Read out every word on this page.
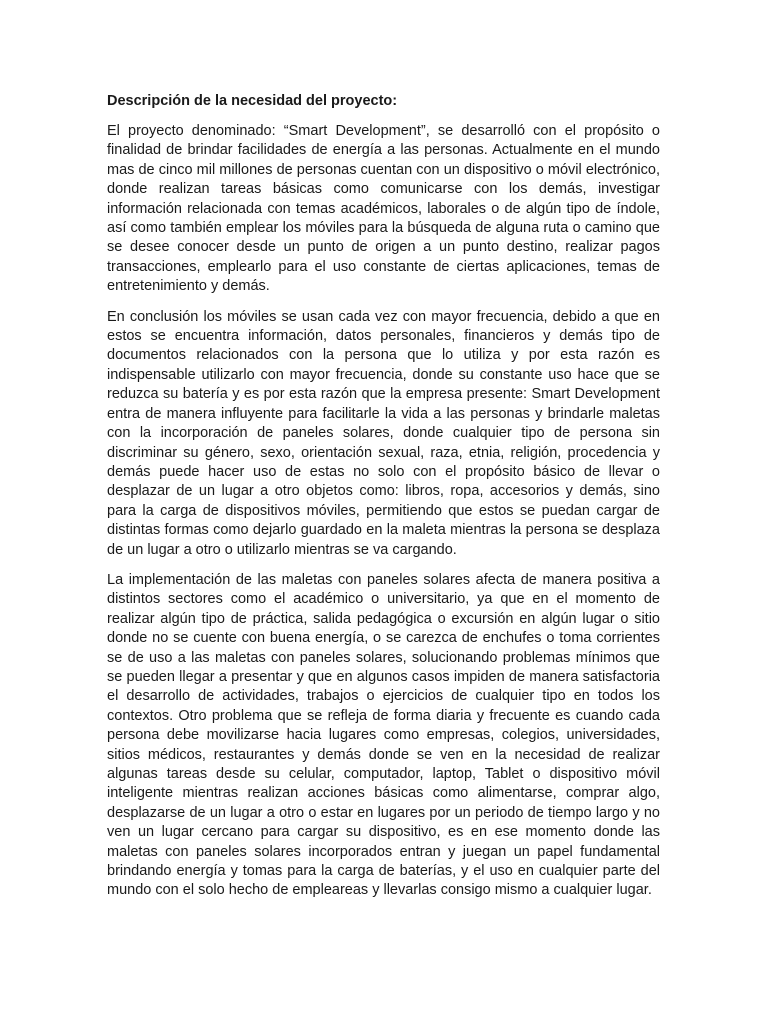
Descripción de la necesidad del proyecto:

El proyecto denominado: “Smart Development”, se desarrolló con el propósito o finalidad de brindar facilidades de energía a las personas. Actualmente en el mundo mas de cinco mil millones de personas cuentan con un dispositivo o móvil electrónico, donde realizan tareas básicas como comunicarse con los demás, investigar información relacionada con temas académicos, laborales o de algún tipo de índole, así como también emplear los móviles para la búsqueda de alguna ruta o camino que se desee conocer desde un punto de origen a un punto destino, realizar pagos transacciones, emplearlo para el uso constante de ciertas aplicaciones, temas de entretenimiento y demás.

En conclusión los móviles se usan cada vez con mayor frecuencia, debido a que en estos se encuentra información, datos personales, financieros y demás tipo de documentos relacionados con la persona que lo utiliza y por esta razón es indispensable utilizarlo con mayor frecuencia, donde su constante uso hace que se reduzca su batería y es por esta razón que la empresa presente: Smart Development entra de manera influyente para facilitarle la vida a las personas y brindarle maletas con la incorporación de paneles solares, donde cualquier tipo de persona sin discriminar su género, sexo, orientación sexual, raza, etnia, religión, procedencia y demás puede hacer uso de estas no solo con el propósito básico de llevar o desplazar de un lugar a otro objetos como: libros, ropa, accesorios y demás, sino para la carga de dispositivos móviles, permitiendo que estos se puedan cargar de distintas formas como dejarlo guardado en la maleta mientras la persona se desplaza de un lugar a otro o utilizarlo mientras se va cargando.

La implementación de las maletas con paneles solares afecta de manera positiva a distintos sectores como el académico o universitario, ya que en el momento de realizar algún tipo de práctica, salida pedagógica o excursión en algún lugar o sitio donde no se cuente con buena energía, o se carezca de enchufes o toma corrientes se de uso a las maletas con paneles solares, solucionando problemas mínimos que se pueden llegar a presentar y que en algunos casos impiden de manera satisfactoria el desarrollo de actividades, trabajos o ejercicios de cualquier tipo en todos los contextos. Otro problema que se refleja de forma diaria y frecuente es cuando cada persona debe movilizarse hacia lugares como empresas, colegios, universidades, sitios médicos, restaurantes y demás donde se ven en la necesidad de realizar algunas tareas desde su celular, computador, laptop, Tablet o dispositivo móvil inteligente mientras realizan acciones básicas como alimentarse, comprar algo, desplazarse de un lugar a otro o estar en lugares por un periodo de tiempo largo y no ven un lugar cercano para cargar su dispositivo, es en ese momento donde las maletas con paneles solares incorporados entran y juegan un papel fundamental brindando energía y tomas para la carga de baterías, y el uso en cualquier parte del mundo con el solo hecho de empleareas y llevarlas consigo mismo a cualquier lugar.
